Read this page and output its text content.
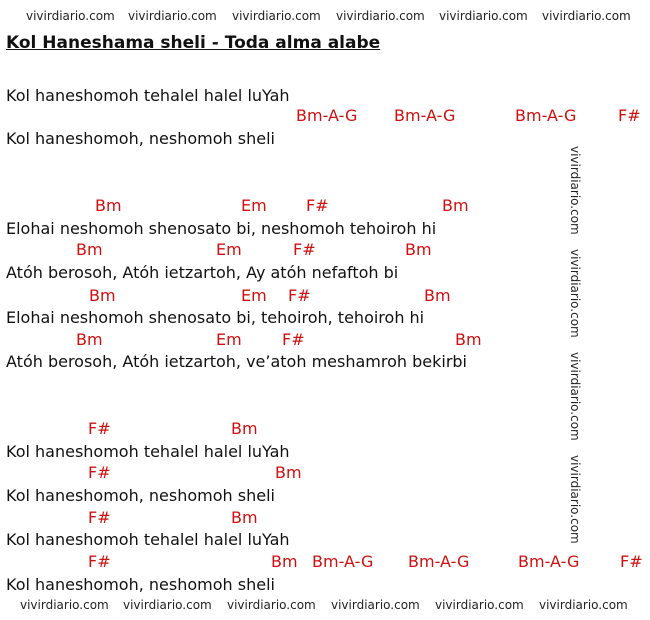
vivirdiario.com vivirdiario.com vivirdiario.com vivirdiario.com vivirdiario.com vivirdiario.com
Kol Haneshama sheli - Toda alma alabe
Kol haneshomoh tehalel halel luYah
Bm-A-G Bm-A-G	Bm-A-G	F#
Kol haneshomoh, neshomoh sheli
Bm	Em F#	Bm
Elohai neshomoh shenosato bi, neshomoh tehoiroh hi
Bm	Em	F#	Bm
Atóh berosoh, Atóh ietzartoh, Ay atóh nefaftoh bi
Bm	Em F#	Bm
Elohai neshomoh shenosato bi, tehoiroh, tehoiroh hi
Bm	Em	F#	Bm
Atóh berosoh, Atóh ietzartoh, ve’atoh meshamroh bekirbi
F#	Bm
Kol haneshomoh tehalel halel luYah
F#	Bm
Kol haneshomoh, neshomoh sheli
F#	Bm
Kol haneshomoh tehalel halel luYah
F#	Bm Bm-A-G Bm-A-G	Bm-A-G	F#
Kol haneshomoh, neshomoh sheli
vivirdiario.com
vivirdiario.com
vivirdiario.com
vivirdiario.com
vivirdiario.com vivirdiario.com vivirdiario.com vivirdiario.com vivirdiario.com vivirdiario.com
